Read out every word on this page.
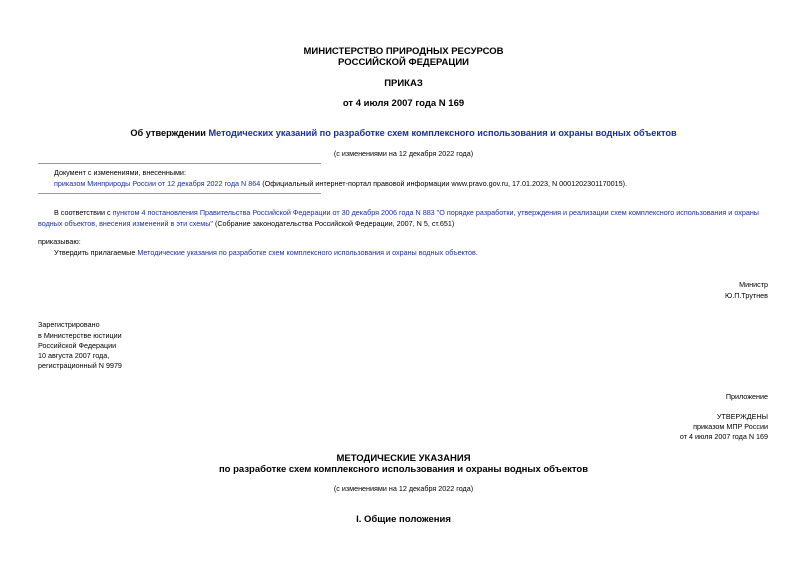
МИНИСТЕРСТВО ПРИРОДНЫХ РЕСУРСОВ
РОССИЙСКОЙ ФЕДЕРАЦИИ
ПРИКАЗ
от 4 июля 2007 года N 169
Об утверждении Методических указаний по разработке схем комплексного использования и охраны водных объектов
(с изменениями на 12 декабря 2022 года)
Документ с изменениями, внесенными:
приказом Минприроды России от 12 декабря 2022 года N 864 (Официальный интернет-портал правовой информации www.pravo.gov.ru, 17.01.2023, N 0001202301170015).
В соответствии с пунктом 4 постановления Правительства Российской Федерации от 30 декабря 2006 года N 883 "О порядке разработки, утверждения и реализации схем комплексного использования и охраны водных объектов, внесения изменений в эти схемы" (Собрание законодательства Российской Федерации, 2007, N 5, ст.651)
приказываю:
Утвердить прилагаемые Методические указания по разработке схем комплексного использования и охраны водных объектов.
Министр
Ю.П.Трутнев
Зарегистрировано
в Министерстве юстиции
Российской Федерации
10 августа 2007 года,
регистрационный N 9979
Приложение
УТВЕРЖДЕНЫ
приказом МПР России
от 4 июля 2007 года N 169
МЕТОДИЧЕСКИЕ УКАЗАНИЯ
по разработке схем комплексного использования и охраны водных объектов
(с изменениями на 12 декабря 2022 года)
I. Общие положения
